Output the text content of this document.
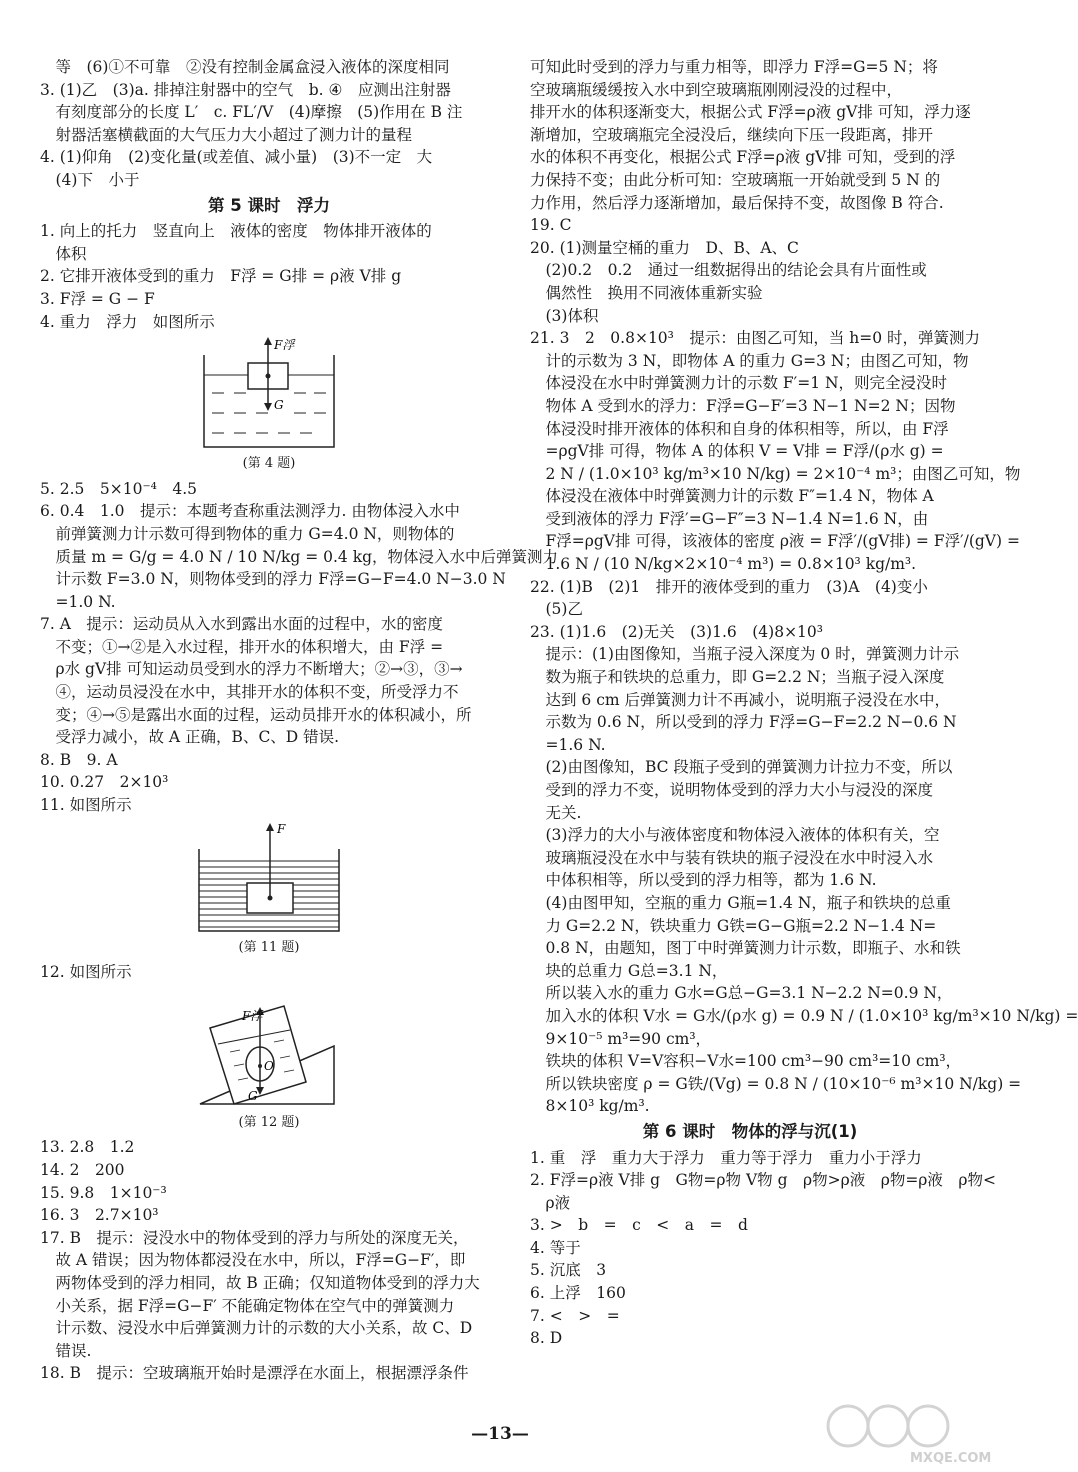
　等　(6)①不可靠　②没有控制金属盒浸入液体的深度相同
3. (1)乙　(3)a. 排掉注射器中的空气　b. ④　应测出注射器
　有刻度部分的长度 L′　c. FL′/V　(4)摩擦　(5)作用在 B 注
　射器活塞横截面的大气压力大小超过了测力计的量程
4. (1)仰角　(2)变化量(或差值、减小量)　(3)不一定　大
　(4)下　小于
第 5 课时　浮力
1. 向上的托力　竖直向上　液体的密度　物体排开液体的
　体积
2. 它排开液体受到的重力　F浮 = G排 = ρ液 V排 g
3. F浮 = G − F
4. 重力　浮力　如图所示
F浮
G
(第 4 题)
5. 2.5　5×10⁻⁴　4.5
6. 0.4　1.0　提示：本题考查称重法测浮力. 由物体浸入水中
　前弹簧测力计示数可得到物体的重力 G=4.0 N，则物体的
　质量 m = G/g = 4.0 N / 10 N/kg = 0.4 kg，物体浸入水中后弹簧测力
　计示数 F=3.0 N，则物体受到的浮力 F浮=G−F=4.0 N−3.0 N
　=1.0 N.
7. A　提示：运动员从入水到露出水面的过程中，水的密度
　不变；①→②是入水过程，排开水的体积增大，由 F浮 =
　ρ水 gV排 可知运动员受到水的浮力不断增大；②→③，③→
　④，运动员浸没在水中，其排开水的体积不变，所受浮力不
　变；④→⑤是露出水面的过程，运动员排开水的体积减小，所
　受浮力减小，故 A 正确，B、C、D 错误.
8. B　9. A
10. 0.27　2×10³
11. 如图所示
F
(第 11 题)
12. 如图所示
F浮
O
G
(第 12 题)
13. 2.8　1.2
14. 2　200
15. 9.8　1×10⁻³
16. 3　2.7×10³
17. B　提示：浸没水中的物体受到的浮力与所处的深度无关，
　故 A 错误；因为物体都浸没在水中，所以，F浮=G−F′，即
　两物体受到的浮力相同，故 B 正确；仅知道物体受到的浮力大
　小关系，据 F浮=G−F′ 不能确定物体在空气中的弹簧测力
　计示数、浸没水中后弹簧测力计的示数的大小关系，故 C、D
　错误.
18. B　提示：空玻璃瓶开始时是漂浮在水面上，根据漂浮条件
可知此时受到的浮力与重力相等，即浮力 F浮=G=5 N；将
空玻璃瓶缓缓按入水中到空玻璃瓶刚刚浸没的过程中，
排开水的体积逐渐变大，根据公式 F浮=ρ液 gV排 可知，浮力逐
渐增加，空玻璃瓶完全浸没后，继续向下压一段距离，排开
水的体积不再变化，根据公式 F浮=ρ液 gV排 可知，受到的浮
力保持不变；由此分析可知：空玻璃瓶一开始就受到 5 N 的
力作用，然后浮力逐渐增加，最后保持不变，故图像 B 符合.
19. C
20. (1)测量空桶的重力　D、B、A、C
　(2)0.2　0.2　通过一组数据得出的结论会具有片面性或
　偶然性　换用不同液体重新实验
　(3)体积
21. 3　2　0.8×10³　提示：由图乙可知，当 h=0 时，弹簧测力
　计的示数为 3 N，即物体 A 的重力 G=3 N；由图乙可知，物
　体浸没在水中时弹簧测力计的示数 F′=1 N，则完全浸没时
　物体 A 受到水的浮力：F浮=G−F′=3 N−1 N=2 N；因物
　体浸没时排开液体的体积和自身的体积相等，所以，由 F浮
　=ρgV排 可得，物体 A 的体积 V = V排 = F浮/(ρ水 g) =
　2 N / (1.0×10³ kg/m³×10 N/kg) = 2×10⁻⁴ m³；由图乙可知，物
　体浸没在液体中时弹簧测力计的示数 F″=1.4 N，物体 A
　受到液体的浮力 F浮′=G−F″=3 N−1.4 N=1.6 N，由
　F浮=ρgV排 可得，该液体的密度 ρ液 = F浮′/(gV排) = F浮′/(gV) =
　1.6 N / (10 N/kg×2×10⁻⁴ m³) = 0.8×10³ kg/m³.
22. (1)B　(2)1　排开的液体受到的重力　(3)A　(4)变小
　(5)乙
23. (1)1.6　(2)无关　(3)1.6　(4)8×10³
　提示：(1)由图像知，当瓶子浸入深度为 0 时，弹簧测力计示
　数为瓶子和铁块的总重力，即 G=2.2 N；当瓶子浸入深度
　达到 6 cm 后弹簧测力计不再减小，说明瓶子浸没在水中，
　示数为 0.6 N，所以受到的浮力 F浮=G−F=2.2 N−0.6 N
　=1.6 N.
　(2)由图像知，BC 段瓶子受到的弹簧测力计拉力不变，所以
　受到的浮力不变，说明物体受到的浮力大小与浸没的深度
　无关.
　(3)浮力的大小与液体密度和物体浸入液体的体积有关，空
　玻璃瓶浸没在水中与装有铁块的瓶子浸没在水中时浸入水
　中体积相等，所以受到的浮力相等，都为 1.6 N.
　(4)由图甲知，空瓶的重力 G瓶=1.4 N，瓶子和铁块的总重
　力 G=2.2 N，铁块重力 G铁=G−G瓶=2.2 N−1.4 N=
　0.8 N，由题知，图丁中时弹簧测力计示数，即瓶子、水和铁
　块的总重力 G总=3.1 N，
　所以装入水的重力 G水=G总−G=3.1 N−2.2 N=0.9 N，
　加入水的体积 V水 = G水/(ρ水 g) = 0.9 N / (1.0×10³ kg/m³×10 N/kg) =
　9×10⁻⁵ m³=90 cm³，
　铁块的体积 V=V容积−V水=100 cm³−90 cm³=10 cm³，
　所以铁块密度 ρ = G铁/(Vg) = 0.8 N / (10×10⁻⁶ m³×10 N/kg) =
　8×10³ kg/m³.
第 6 课时　物体的浮与沉(1)
1. 重　浮　重力大于浮力　重力等于浮力　重力小于浮力
2. F浮=ρ液 V排 g　G物=ρ物 V物 g　ρ物>ρ液　ρ物=ρ液　ρ物<
　ρ液
3. >　b　=　c　<　a　=　d
4. 等于
5. 沉底　3
6. 上浮　160
7. <　>　=
8. D
—13—
MXQE.COM
